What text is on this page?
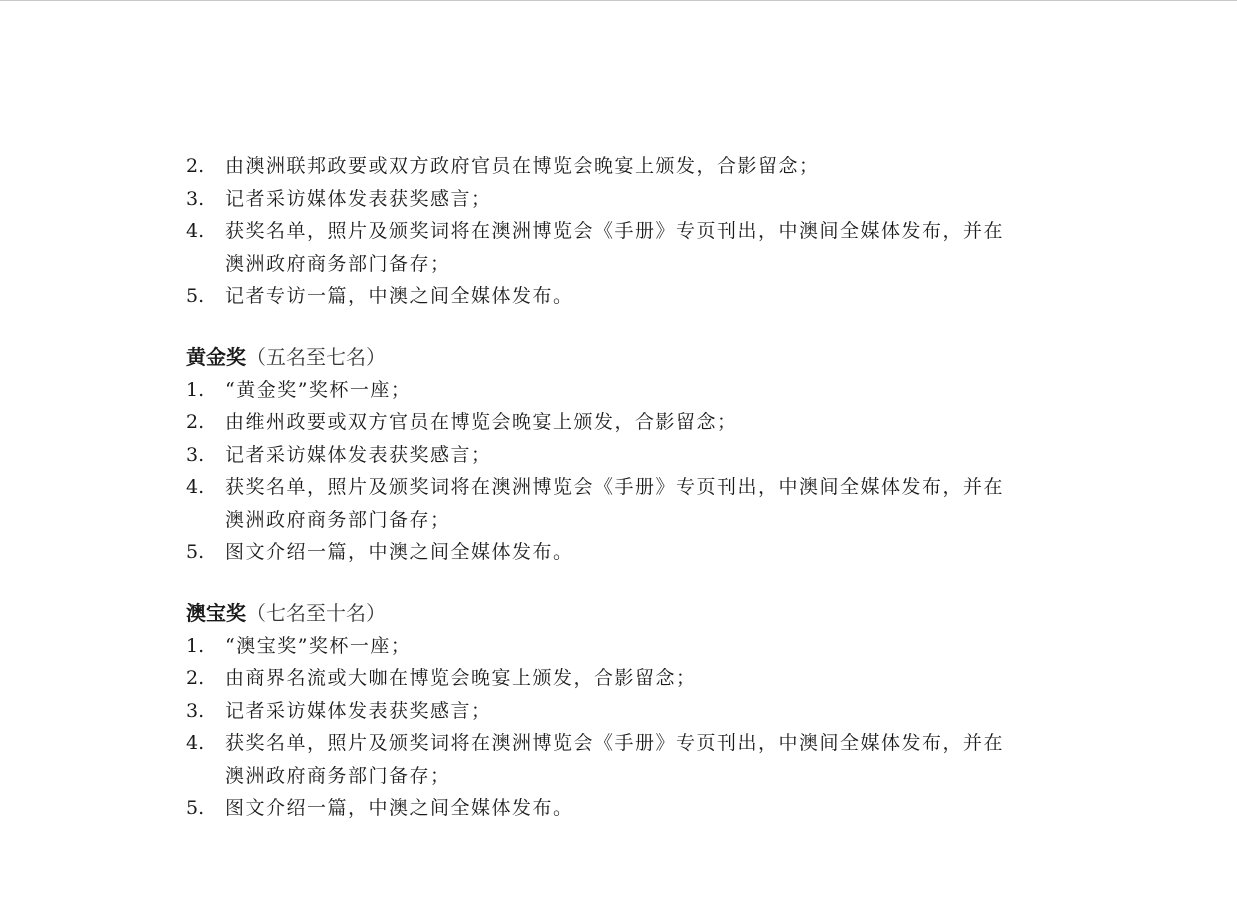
2. 由澳洲联邦政要或双方政府官员在博览会晚宴上颁发，合影留念；
3. 记者采访媒体发表获奖感言；
4. 获奖名单，照片及颁奖词将在澳洲博览会《手册》专页刊出，中澳间全媒体发布，并在
澳洲政府商务部门备存；
5. 记者专访一篇，中澳之间全媒体发布。
黄金奖（五名至七名）
1. “黄金奖”奖杯一座；
2. 由维州政要或双方官员在博览会晚宴上颁发，合影留念；
3. 记者采访媒体发表获奖感言；
4. 获奖名单，照片及颁奖词将在澳洲博览会《手册》专页刊出，中澳间全媒体发布，并在
澳洲政府商务部门备存；
5. 图文介绍一篇，中澳之间全媒体发布。
澳宝奖（七名至十名）
1. “澳宝奖”奖杯一座；
2. 由商界名流或大咖在博览会晚宴上颁发，合影留念；
3. 记者采访媒体发表获奖感言；
4. 获奖名单，照片及颁奖词将在澳洲博览会《手册》专页刊出，中澳间全媒体发布，并在
澳洲政府商务部门备存；
5. 图文介绍一篇，中澳之间全媒体发布。
